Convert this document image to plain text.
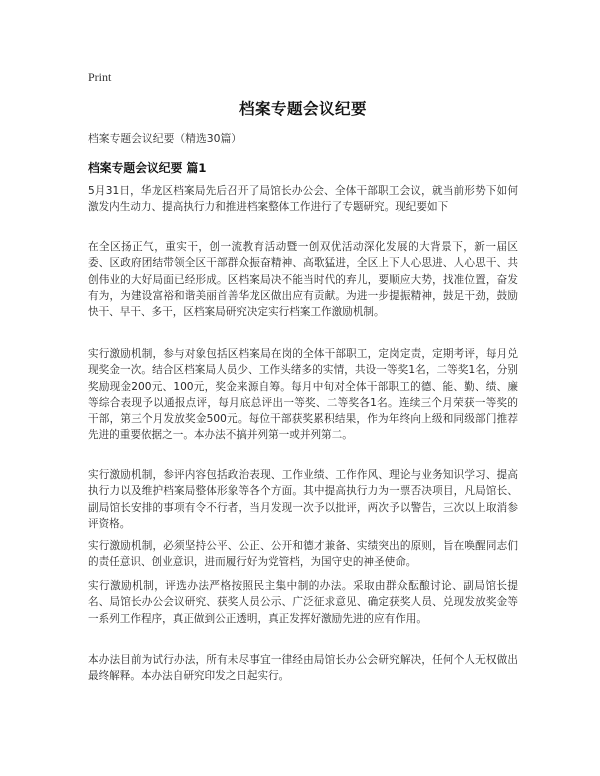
Print
档案专题会议纪要
档案专题会议纪要（精选30篇）
档案专题会议纪要 篇1
5月31日，华龙区档案局先后召开了局馆长办公会、全体干部职工会议，就当前形势下如何激发内生动力、提高执行力和推进档案整体工作进行了专题研究。现纪要如下
在全区扬正气，重实干，创一流教育活动暨一创双优活动深化发展的大背景下，新一届区委、区政府团结带领全区干部群众振奋精神、高歌猛进，全区上下人心思进、人心思干、共创伟业的大好局面已经形成。区档案局决不能当时代的弃儿，要顺应大势，找准位置，奋发有为，为建设富裕和谐美丽首善华龙区做出应有贡献。为进一步提振精神，鼓足干劲，鼓励快干、早干、多干，区档案局研究决定实行档案工作激励机制。
实行激励机制，参与对象包括区档案局在岗的全体干部职工，定岗定责，定期考评，每月兑现奖金一次。结合区档案局人员少、工作头绪多的实情，共设一等奖1名，二等奖1名，分别奖励现金200元、100元，奖金来源自筹。每月中旬对全体干部职工的德、能、勤、绩、廉等综合表现予以通报点评，每月底总评出一等奖、二等奖各1名。连续三个月荣获一等奖的干部，第三个月发放奖金500元。每位干部获奖累积结果，作为年终向上级和同级部门推荐先进的重要依据之一。本办法不搞并列第一或并列第二。
实行激励机制，参评内容包括政治表现、工作业绩、工作作风、理论与业务知识学习、提高执行力以及维护档案局整体形象等各个方面。其中提高执行力为一票否决项目，凡局馆长、副局馆长安排的事项有令不行者，当月发现一次予以批评，两次予以警告，三次以上取消参评资格。
实行激励机制，必须坚持公平、公正、公开和德才兼备、实绩突出的原则，旨在唤醒同志们的责任意识、创业意识，进而履行好为党管档，为国守史的神圣使命。
实行激励机制，评选办法严格按照民主集中制的办法。采取由群众酝酿讨论、副局馆长提名、局馆长办公会议研究、获奖人员公示、广泛征求意见、确定获奖人员、兑现发放奖金等一系列工作程序，真正做到公正透明，真正发挥好激励先进的应有作用。
本办法目前为试行办法，所有未尽事宜一律经由局馆长办公会研究解决，任何个人无权做出最终解释。本办法自研究印发之日起实行。
